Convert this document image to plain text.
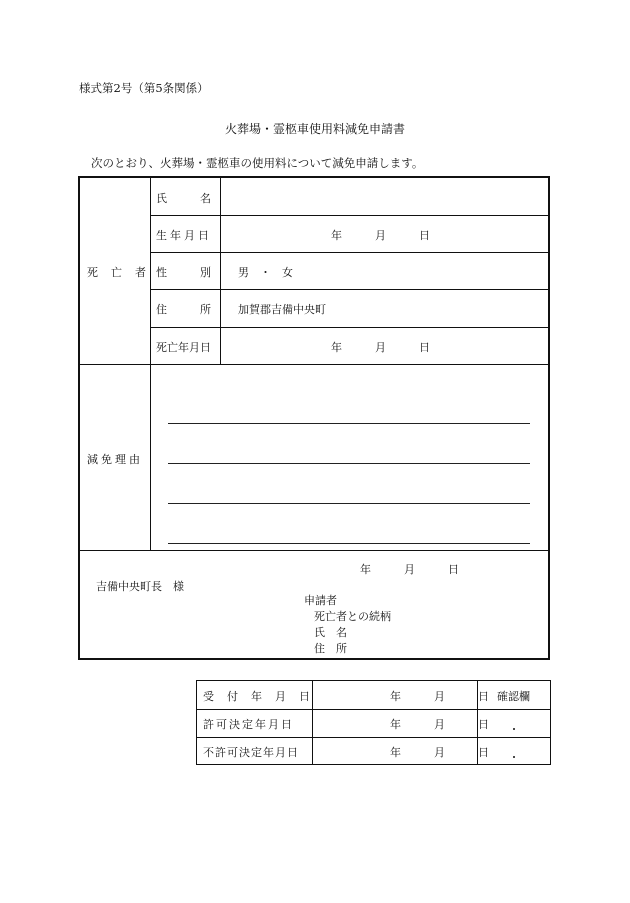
様式第2号（第5条関係）
火葬場・霊柩車使用料減免申請書
次のとおり、火葬場・霊柩車の使用料について減免申請します。
死　亡　者
氏　　　名
生年月日	年　　　月　　　日
性　　　別 男　・　女
住　　　所 加賀郡吉備中央町
死亡年月日	年　　　月　　　日
減免理由
年　　　月　　　日
吉備中央町長　様
申請者
死亡者との続柄
氏　名
住　所
受　付　年　月　日	年　　　月　　　日 確認欄
許可決定年月日	年　　　月　　　日
不許可決定年月日	年　　　月　　　日
